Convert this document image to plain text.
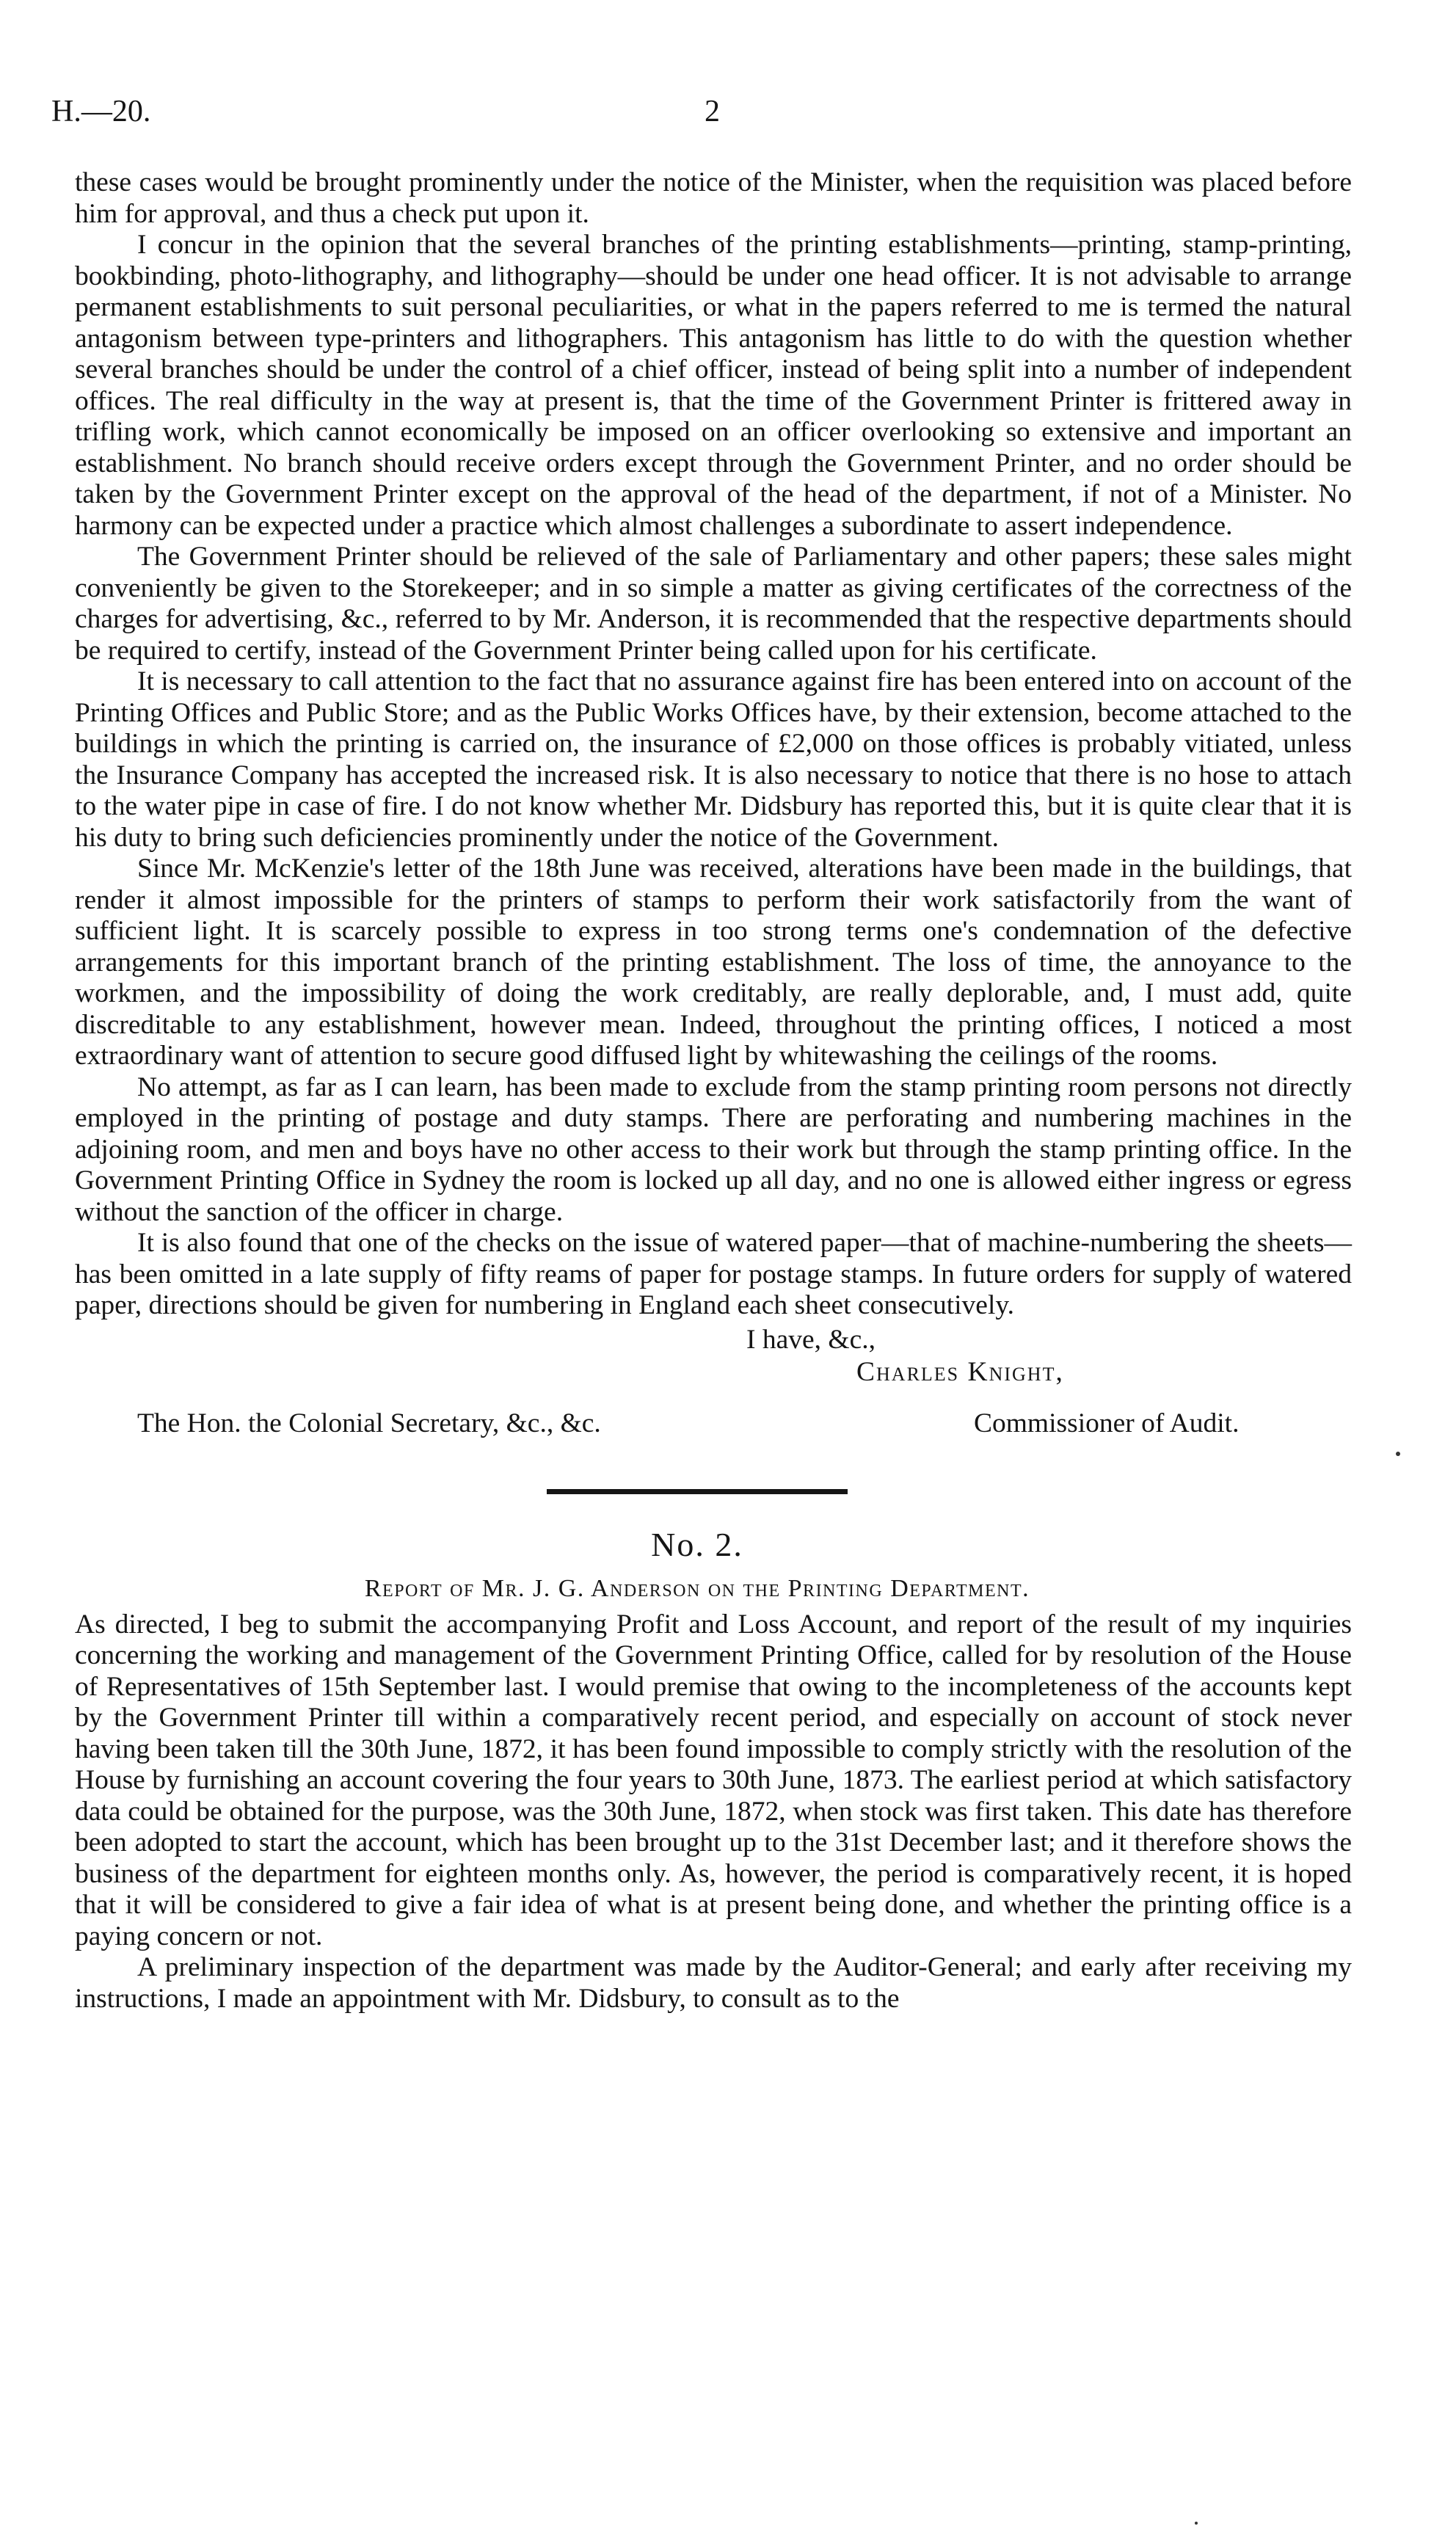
H.—20.	2

these cases would be brought prominently under the notice of the Minister, when the requisition was placed before him for approval, and thus a check put upon it.

I concur in the opinion that the several branches of the printing establishments—printing, stamp-printing, bookbinding, photo-lithography, and lithography—should be under one head officer. It is not advisable to arrange permanent establishments to suit personal peculiarities, or what in the papers referred to me is termed the natural antagonism between type-printers and lithographers. This antagonism has little to do with the question whether several branches should be under the control of a chief officer, instead of being split into a number of independent offices. The real difficulty in the way at present is, that the time of the Government Printer is frittered away in trifling work, which cannot economically be imposed on an officer overlooking so extensive and important an establishment. No branch should receive orders except through the Government Printer, and no order should be taken by the Government Printer except on the approval of the head of the department, if not of a Minister. No harmony can be expected under a practice which almost challenges a subordinate to assert independence.

The Government Printer should be relieved of the sale of Parliamentary and other papers; these sales might conveniently be given to the Storekeeper; and in so simple a matter as giving certificates of the correctness of the charges for advertising, &c., referred to by Mr. Anderson, it is recommended that the respective departments should be required to certify, instead of the Government Printer being called upon for his certificate.

It is necessary to call attention to the fact that no assurance against fire has been entered into on account of the Printing Offices and Public Store; and as the Public Works Offices have, by their extension, become attached to the buildings in which the printing is carried on, the insurance of £2,000 on those offices is probably vitiated, unless the Insurance Company has accepted the increased risk. It is also necessary to notice that there is no hose to attach to the water pipe in case of fire. I do not know whether Mr. Didsbury has reported this, but it is quite clear that it is his duty to bring such deficiencies prominently under the notice of the Government.

Since Mr. McKenzie's letter of the 18th June was received, alterations have been made in the buildings, that render it almost impossible for the printers of stamps to perform their work satisfactorily from the want of sufficient light. It is scarcely possible to express in too strong terms one's condemnation of the defective arrangements for this important branch of the printing establishment. The loss of time, the annoyance to the workmen, and the impossibility of doing the work creditably, are really deplorable, and, I must add, quite discreditable to any establishment, however mean. Indeed, throughout the printing offices, I noticed a most extraordinary want of attention to secure good diffused light by whitewashing the ceilings of the rooms.

No attempt, as far as I can learn, has been made to exclude from the stamp printing room persons not directly employed in the printing of postage and duty stamps. There are perforating and numbering machines in the adjoining room, and men and boys have no other access to their work but through the stamp printing office. In the Government Printing Office in Sydney the room is locked up all day, and no one is allowed either ingress or egress without the sanction of the officer in charge.

It is also found that one of the checks on the issue of watered paper—that of machine-numbering the sheets—has been omitted in a late supply of fifty reams of paper for postage stamps. In future orders for supply of watered paper, directions should be given for numbering in England each sheet consecutively.

I have, &c.,
Charles Knight,
The Hon. the Colonial Secretary, &c., &c.	Commissioner of Audit.
No. 2.
Report of Mr. J. G. Anderson on the Printing Department.

As directed, I beg to submit the accompanying Profit and Loss Account, and report of the result of my inquiries concerning the working and management of the Government Printing Office, called for by resolution of the House of Representatives of 15th September last. I would premise that owing to the incompleteness of the accounts kept by the Government Printer till within a comparatively recent period, and especially on account of stock never having been taken till the 30th June, 1872, it has been found impossible to comply strictly with the resolution of the House by furnishing an account covering the four years to 30th June, 1873. The earliest period at which satisfactory data could be obtained for the purpose, was the 30th June, 1872, when stock was first taken. This date has therefore been adopted to start the account, which has been brought up to the 31st December last; and it therefore shows the business of the department for eighteen months only. As, however, the period is comparatively recent, it is hoped that it will be considered to give a fair idea of what is at present being done, and whether the printing office is a paying concern or not.

A preliminary inspection of the department was made by the Auditor-General; and early after receiving my instructions, I made an appointment with Mr. Didsbury, to consult as to the
